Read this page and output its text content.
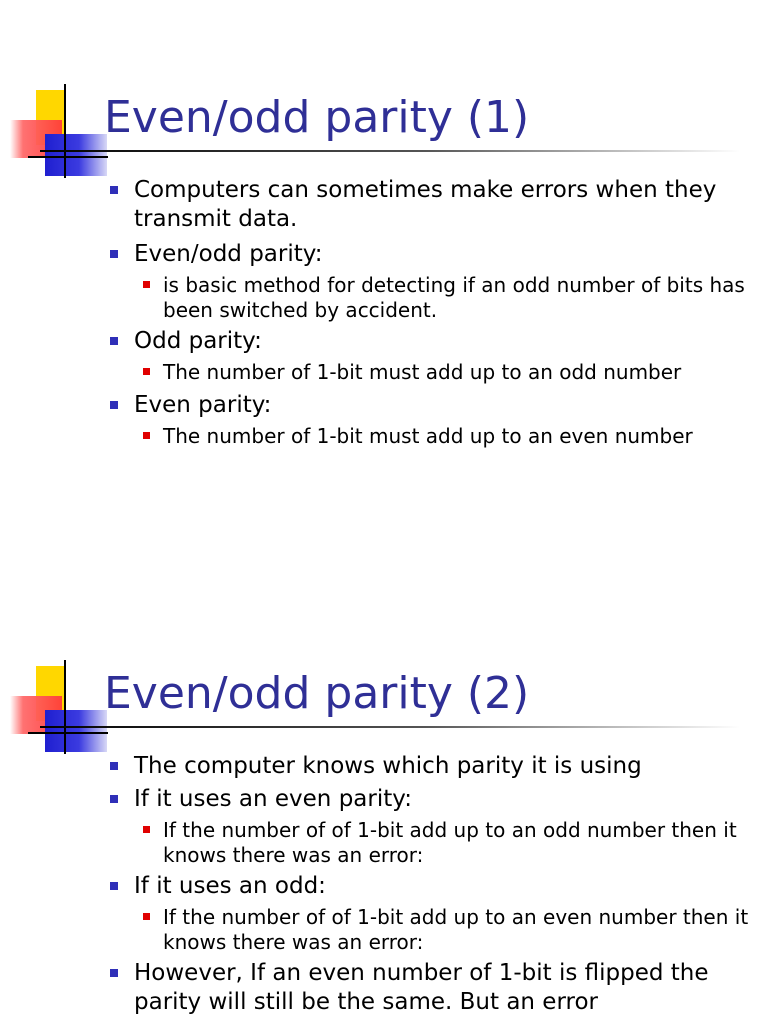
Even/odd parity (1)
Computers can sometimes make errors when they transmit data.
Even/odd parity:
is basic method for detecting if an odd number of bits has been switched by accident.
Odd parity:
The number of 1-bit must add up to an odd number
Even parity:
The number of 1-bit must add up to an even number
Even/odd parity (2)
The computer knows which parity it is using
If it uses an even parity:
If the number of of 1-bit add up to an odd number then it knows there was an error:
If it uses an odd:
If the number of of 1-bit add up to an even number then it knows there was an error:
However, If an even number of 1-bit is flipped the parity will still be the same. But an error
